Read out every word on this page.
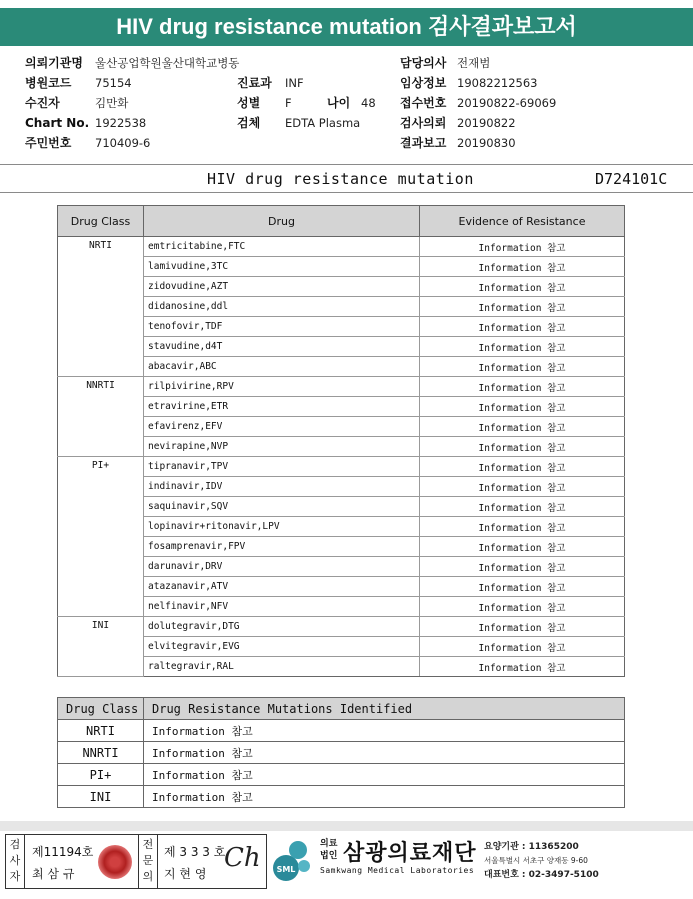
HIV drug resistance mutation 검사결과보고서
의뢰기관명 울산공업학원울산대학교병동
병원코드 75154
수진자	김만화
Chart No. 1922538
주민번호 710409-6
진료과 INF
성별 F	나이 48
검체 EDTA Plasma
담당의사 전재범
임상정보 19082212563
접수번호 20190822-69069
검사의뢰 20190822
결과보고 20190830
HIV drug resistance mutation	D724101C
Drug Class	Drug	Evidence of Resistance
NRTI	emtricitabine,FTC	Information 참고
	lamivudine,3TC	Information 참고
	zidovudine,AZT	Information 참고
	didanosine,ddl	Information 참고
	tenofovir,TDF	Information 참고
	stavudine,d4T	Information 참고
	abacavir,ABC	Information 참고
NNRTI	rilpivirine,RPV	Information 참고
	etravirine,ETR	Information 참고
	efavirenz,EFV	Information 참고
	nevirapine,NVP	Information 참고
PI+	tipranavir,TPV	Information 참고
	indinavir,IDV	Information 참고
	saquinavir,SQV	Information 참고
	lopinavir+ritonavir,LPV	Information 참고
	fosamprenavir,FPV	Information 참고
	darunavir,DRV	Information 참고
	atazanavir,ATV	Information 참고
	nelfinavir,NFV	Information 참고
INI	dolutegravir,DTG	Information 참고
	elvitegravir,EVG	Information 참고
	raltegravir,RAL	Information 참고
Drug Class	Drug Resistance Mutations Identified
NRTI	Information 참고
NNRTI	Information 참고
PI+	Information 참고
INI	Information 참고
검
사
자
제11194호
최 삼 규
전
문
의
제 3 3 3 호
지 현 영
Ch SML
의료
법인 삼광의료재단
Samkwang Medical Laboratories
요양기관 : 11365200
서울특별시 서초구 양재동 9-60
대표번호 : 02-3497-5100
